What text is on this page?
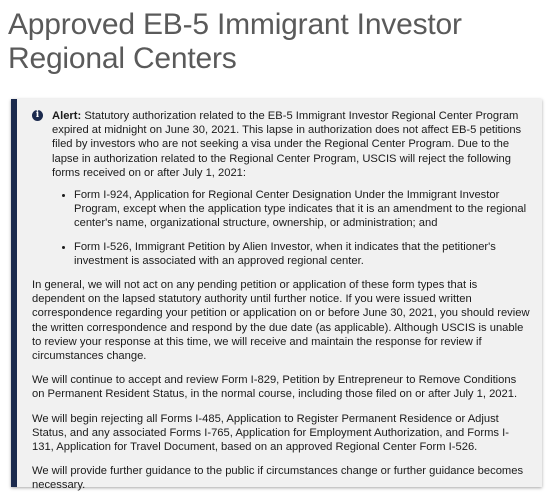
Approved EB-5 Immigrant Investor Regional Centers

i	Alert: Statutory authorization related to the EB-5 Immigrant Investor Regional Center Program expired at midnight on June 30, 2021. This lapse in authorization does not affect EB-5 petitions filed by investors who are not seeking a visa under the Regional Center Program. Due to the lapse in authorization related to the Regional Center Program, USCIS will reject the following forms received on or after July 1, 2021:

• Form I-924, Application for Regional Center Designation Under the Immigrant Investor Program, except when the application type indicates that it is an amendment to the regional center's name, organizational structure, ownership, or administration; and
• Form I-526, Immigrant Petition by Alien Investor, when it indicates that the petitioner's investment is associated with an approved regional center.

In general, we will not act on any pending petition or application of these form types that is dependent on the lapsed statutory authority until further notice. If you were issued written correspondence regarding your petition or application on or before June 30, 2021, you should review the written correspondence and respond by the due date (as applicable). Although USCIS is unable to review your response at this time, we will receive and maintain the response for review if circumstances change.

We will continue to accept and review Form I-829, Petition by Entrepreneur to Remove Conditions on Permanent Resident Status, in the normal course, including those filed on or after July 1, 2021.

We will begin rejecting all Forms I-485, Application to Register Permanent Residence or Adjust Status, and any associated Forms I-765, Application for Employment Authorization, and Forms I-131, Application for Travel Document, based on an approved Regional Center Form I-526.

We will provide further guidance to the public if circumstances change or further guidance becomes necessary.
